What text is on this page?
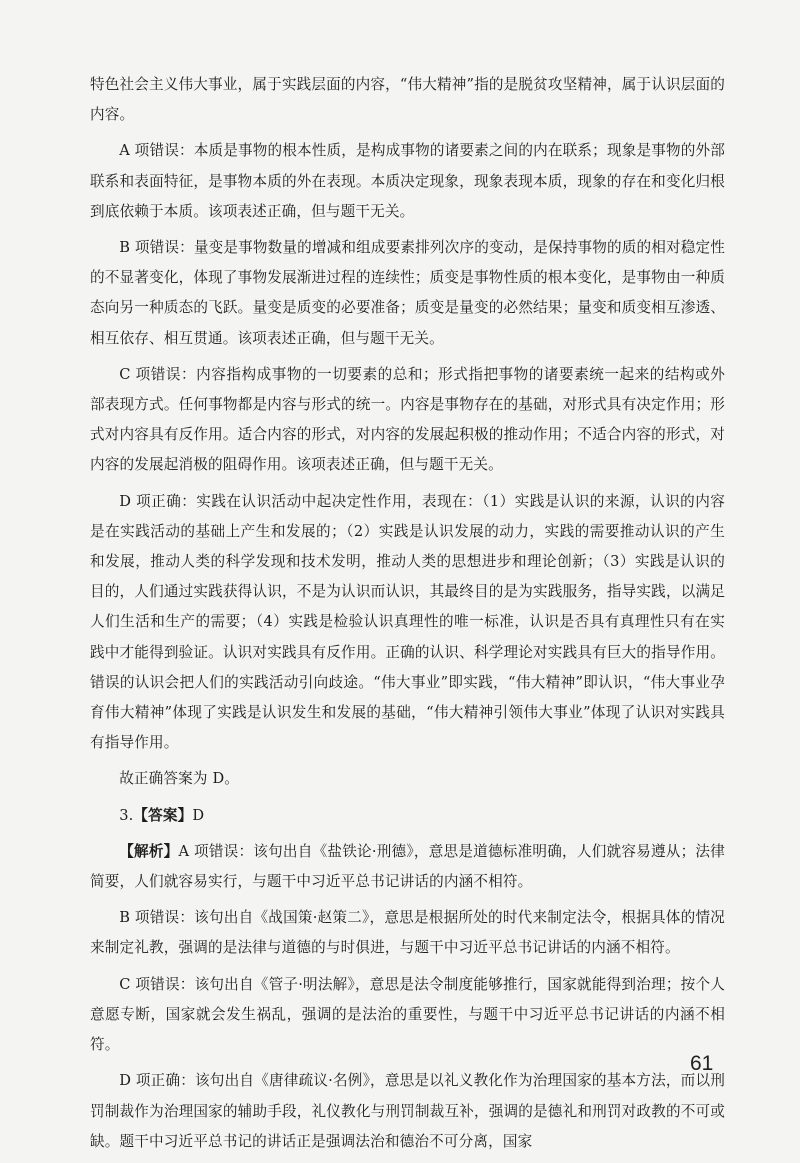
特色社会主义伟大事业，属于实践层面的内容，“伟大精神”指的是脱贫攻坚精神，属于认识层面的内容。

A 项错误：本质是事物的根本性质，是构成事物的诸要素之间的内在联系；现象是事物的外部联系和表面特征，是事物本质的外在表现。本质决定现象，现象表现本质，现象的存在和变化归根到底依赖于本质。该项表述正确，但与题干无关。

B 项错误：量变是事物数量的增减和组成要素排列次序的变动，是保持事物的质的相对稳定性的不显著变化，体现了事物发展渐进过程的连续性；质变是事物性质的根本变化，是事物由一种质态向另一种质态的飞跃。量变是质变的必要准备；质变是量变的必然结果；量变和质变相互渗透、相互依存、相互贯通。该项表述正确，但与题干无关。

C 项错误：内容指构成事物的一切要素的总和；形式指把事物的诸要素统一起来的结构或外部表现方式。任何事物都是内容与形式的统一。内容是事物存在的基础，对形式具有决定作用；形式对内容具有反作用。适合内容的形式，对内容的发展起积极的推动作用；不适合内容的形式，对内容的发展起消极的阻碍作用。该项表述正确，但与题干无关。

D 项正确：实践在认识活动中起决定性作用，表现在：（1）实践是认识的来源，认识的内容是在实践活动的基础上产生和发展的；（2）实践是认识发展的动力，实践的需要推动认识的产生和发展，推动人类的科学发现和技术发明，推动人类的思想进步和理论创新；（3）实践是认识的目的，人们通过实践获得认识，不是为认识而认识，其最终目的是为实践服务，指导实践，以满足人们生活和生产的需要；（4）实践是检验认识真理性的唯一标准，认识是否具有真理性只有在实践中才能得到验证。认识对实践具有反作用。正确的认识、科学理论对实践具有巨大的指导作用。错误的认识会把人们的实践活动引向歧途。“伟大事业”即实践，“伟大精神”即认识，“伟大事业孕育伟大精神”体现了实践是认识发生和发展的基础，“伟大精神引领伟大事业”体现了认识对实践具有指导作用。

故正确答案为 D。

3.【答案】D

【解析】A 项错误：该句出自《盐铁论·刑德》，意思是道德标准明确，人们就容易遵从；法律简要，人们就容易实行，与题干中习近平总书记讲话的内涵不相符。

B 项错误：该句出自《战国策·赵策二》，意思是根据所处的时代来制定法令，根据具体的情况来制定礼教，强调的是法律与道德的与时俱进，与题干中习近平总书记讲话的内涵不相符。

C 项错误：该句出自《管子·明法解》，意思是法令制度能够推行，国家就能得到治理；按个人意愿专断，国家就会发生祸乱，强调的是法治的重要性，与题干中习近平总书记讲话的内涵不相符。

D 项正确：该句出自《唐律疏议·名例》，意思是以礼义教化作为治理国家的基本方法，而以刑罚制裁作为治理国家的辅助手段，礼仪教化与刑罚制裁互补，强调的是德礼和刑罚对政教的不可或缺。题干中习近平总书记的讲话正是强调法治和德治不可分离，国家

61
